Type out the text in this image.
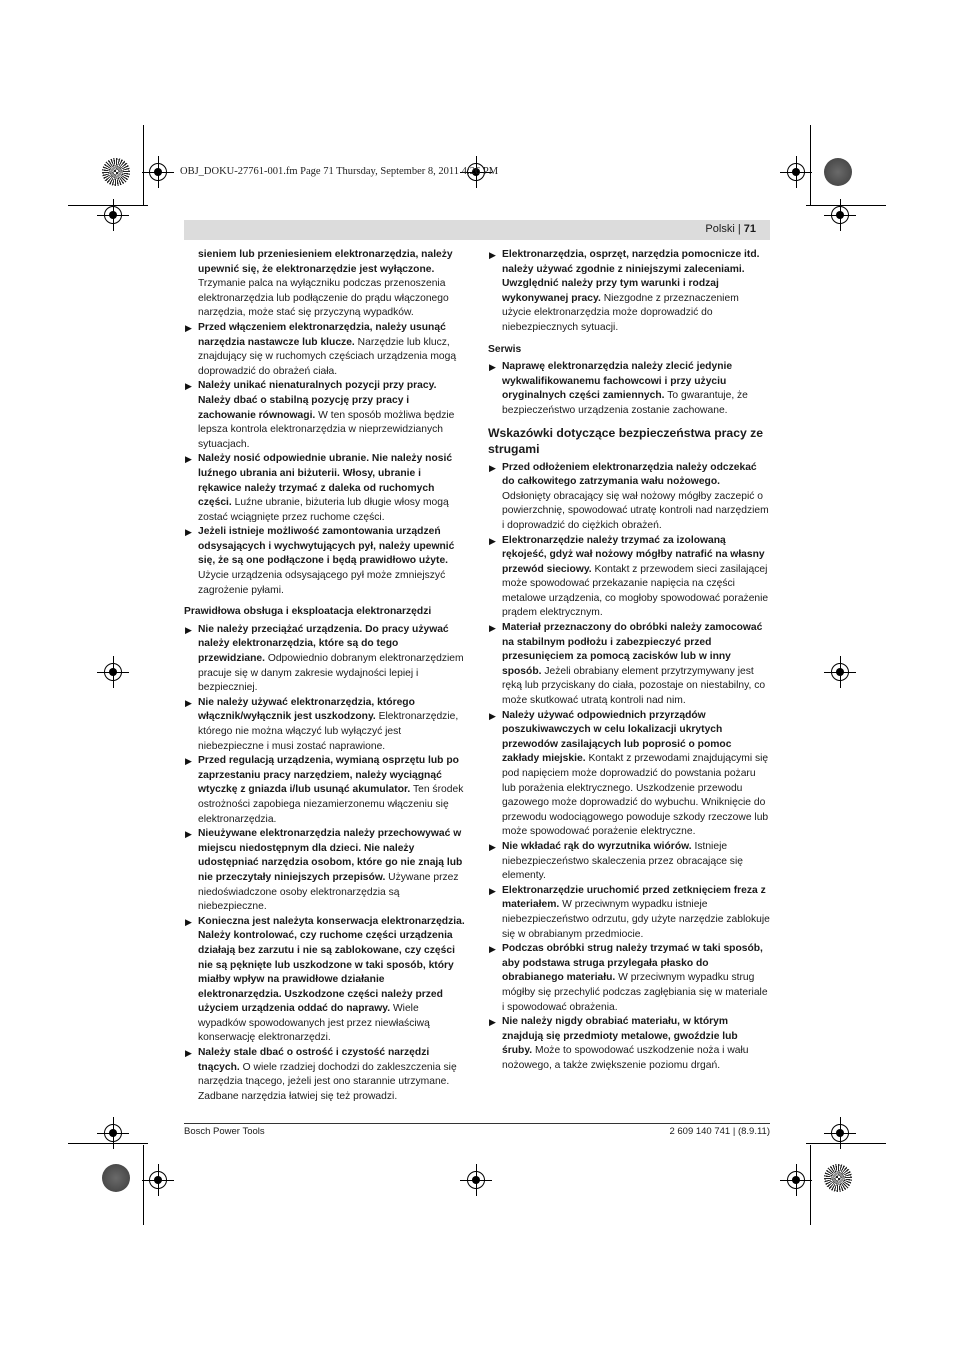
OBJ_DOKU-27761-001.fm Page 71 Thursday, September 8, 2011 4:26 PM
Polski | 71
sieniem lub przeniesieniem elektronarzędzia, należy upewnić się, że elektronarzędzie jest wyłączone. Trzymanie palca na wyłączniku podczas przenoszenia elektronarzędzia lub podłączenie do prądu włączonego narzędzia, może stać się przyczyną wypadków.
▶ Przed włączeniem elektronarzędzia, należy usunąć narzędzia nastawcze lub klucze. Narzędzie lub klucz, znajdujący się w ruchomych częściach urządzenia mogą doprowadzić do obrażeń ciała.
▶ Należy unikać nienaturalnych pozycji przy pracy. Należy dbać o stabilną pozycję przy pracy i zachowanie równowagi. W ten sposób możliwa będzie lepsza kontrola elektronarzędzia w nieprzewidzianych sytuacjach.
▶ Należy nosić odpowiednie ubranie. Nie należy nosić luźnego ubrania ani biżuterii. Włosy, ubranie i rękawice należy trzymać z daleka od ruchomych części. Luźne ubranie, biżuteria lub długie włosy mogą zostać wciągnięte przez ruchome części.
▶ Jeżeli istnieje możliwość zamontowania urządzeń odsysających i wychwytujących pył, należy upewnić się, że są one podłączone i będą prawidłowo użyte. Użycie urządzenia odsysającego pył może zmniejszyć zagrożenie pyłami.
Prawidłowa obsługa i eksploatacja elektronarzędzi
▶ Nie należy przeciążać urządzenia. Do pracy używać należy elektronarzędzia, które są do tego przewidziane. Odpowiednio dobranym elektronarzędziem pracuje się w danym zakresie wydajności lepiej i bezpieczniej.
▶ Nie należy używać elektronarzędzia, którego włącznik/wyłącznik jest uszkodzony. Elektronarzędzie, którego nie można włączyć lub wyłączyć jest niebezpieczne i musi zostać naprawione.
▶ Przed regulacją urządzenia, wymianą osprzętu lub po zaprzestaniu pracy narzędziem, należy wyciągnąć wtyczkę z gniazda i/lub usunąć akumulator. Ten środek ostrożności zapobiega niezamierzonemu włączeniu się elektronarzędzia.
▶ Nieużywane elektronarzędzia należy przechowywać w miejscu niedostępnym dla dzieci. Nie należy udostępniać narzędzia osobom, które go nie znają lub nie przeczytały niniejszych przepisów. Używane przez niedoświadczone osoby elektronarzędzia są niebezpieczne.
▶ Konieczna jest należyta konserwacja elektronarzędzia. Należy kontrolować, czy ruchome części urządzenia działają bez zarzutu i nie są zablokowane, czy części nie są pęknięte lub uszkodzone w taki sposób, który miałby wpływ na prawidłowe działanie elektronarzędzia. Uszkodzone części należy przed użyciem urządzenia oddać do naprawy. Wiele wypadków spowodowanych jest przez niewłaściwą konserwację elektronarzędzi.
▶ Należy stale dbać o ostrość i czystość narzędzi tnących. O wiele rzadziej dochodzi do zakleszczenia się narzędzia tnącego, jeżeli jest ono starannie utrzymane. Zadbane narzędzia łatwiej się też prowadzi.
▶ Elektronarzędzia, osprzęt, narzędzia pomocnicze itd. należy używać zgodnie z niniejszymi zaleceniami. Uwzględnić należy przy tym warunki i rodzaj wykonywanej pracy. Niezgodne z przeznaczeniem użycie elektronarzędzia może doprowadzić do niebezpiecznych sytuacji.
Serwis
▶ Naprawę elektronarzędzia należy zlecić jedynie wykwalifikowanemu fachowcowi i przy użyciu oryginalnych części zamiennych. To gwarantuje, że bezpieczeństwo urządzenia zostanie zachowane.
Wskazówki dotyczące bezpieczeństwa pracy ze strugami
▶ Przed odłożeniem elektronarzędzia należy odczekać do całkowitego zatrzymania wału nożowego. Odsłonięty obracający się wał nożowy mógłby zaczepić o powierzchnię, spowodować utratę kontroli nad narzędziem i doprowadzić do ciężkich obrażeń.
▶ Elektronarzędzie należy trzymać za izolowaną rękojeść, gdyż wał nożowy mógłby natrafić na własny przewód sieciowy. Kontakt z przewodem sieci zasilającej może spowodować przekazanie napięcia na części metalowe urządzenia, co mogłoby spowodować porażenie prądem elektrycznym.
▶ Materiał przeznaczony do obróbki należy zamocować na stabilnym podłożu i zabezpieczyć przed przesunięciem za pomocą zacisków lub w inny sposób. Jeżeli obrabiany element przytrzymywany jest ręką lub przyciskany do ciała, pozostaje on niestabilny, co może skutkować utratą kontroli nad nim.
▶ Należy używać odpowiednich przyrządów poszukiwawczych w celu lokalizacji ukrytych przewodów zasilających lub poprosić o pomoc zakłady miejskie. Kontakt z przewodami znajdującymi się pod napięciem może doprowadzić do powstania pożaru lub porażenia elektrycznego. Uszkodzenie przewodu gazowego może doprowadzić do wybuchu. Wniknięcie do przewodu wodociągowego powoduje szkody rzeczowe lub może spowodować porażenie elektryczne.
▶ Nie wkładać rąk do wyrzutnika wiórów. Istnieje niebezpieczeństwo skaleczenia przez obracające się elementy.
▶ Elektronarzędzie uruchomić przed zetknięciem freza z materiałem. W przeciwnym wypadku istnieje niebezpieczeństwo odrzutu, gdy użyte narzędzie zablokuje się w obrabianym przedmiocie.
▶ Podczas obróbki strug należy trzymać w taki sposób, aby podstawa struga przylegała płasko do obrabianego materiału. W przeciwnym wypadku strug mógłby się przechylić podczas zagłębiania się w materiale i spowodować obrażenia.
▶ Nie należy nigdy obrabiać materiału, w którym znajdują się przedmioty metalowe, gwoździe lub śruby. Może to spowodować uszkodzenie noża i wału nożowego, a także zwiększenie poziomu drgań.
Bosch Power Tools	2 609 140 741 | (8.9.11)
